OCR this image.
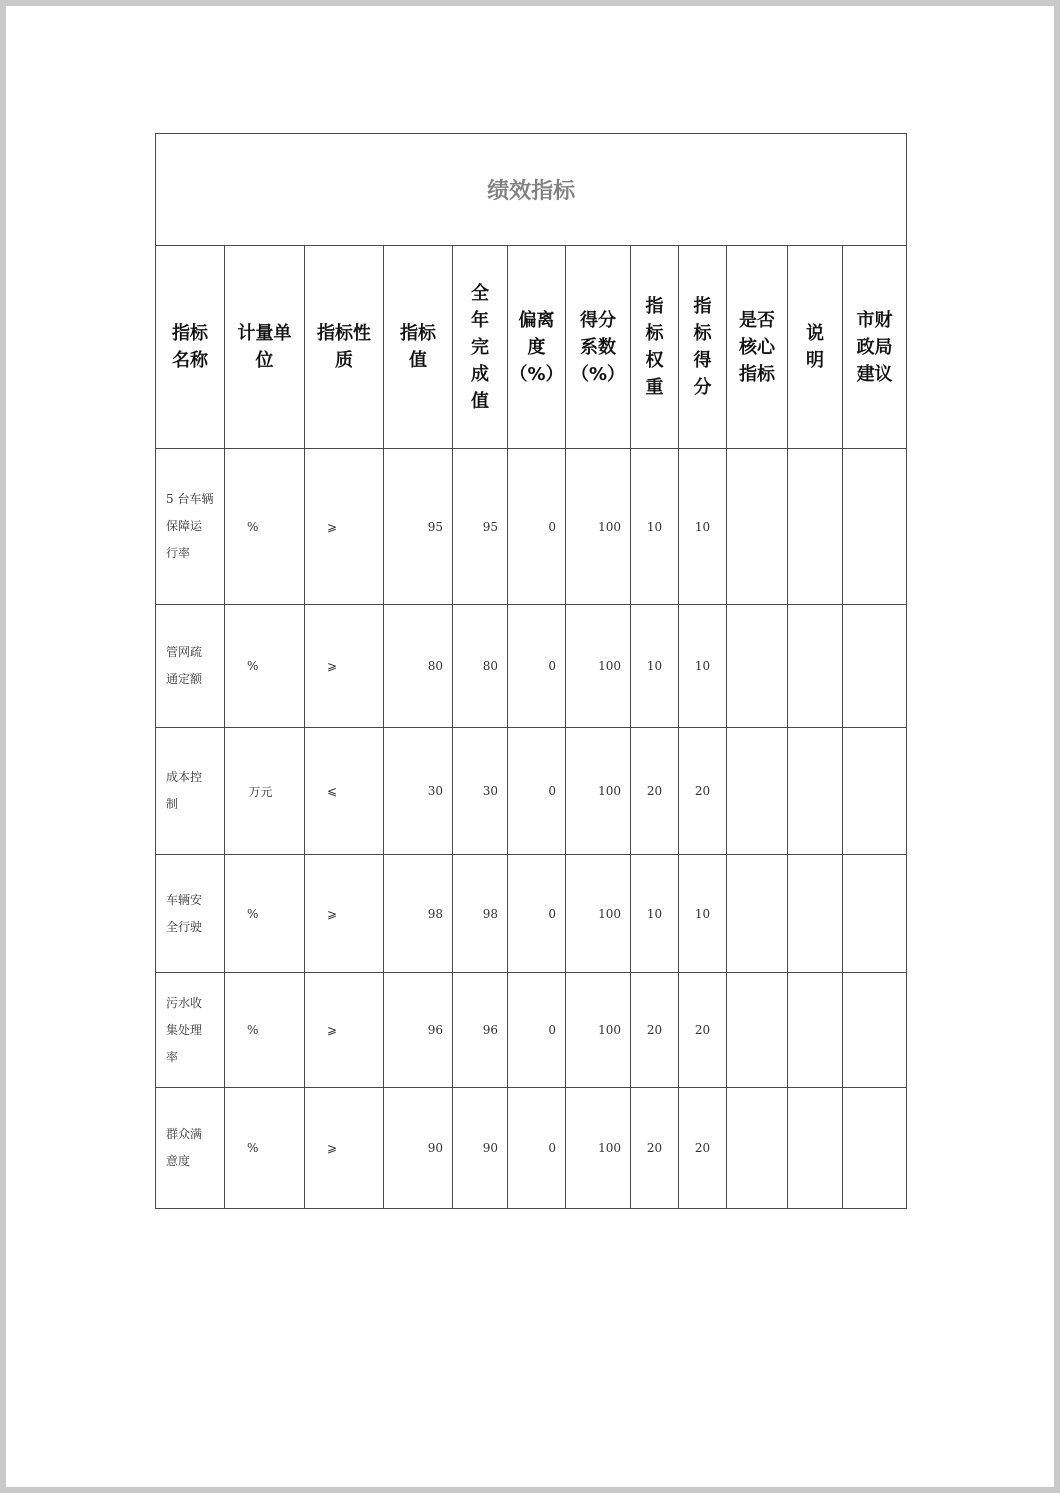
绩效指标											

指标
名称	计量单
位	指标性
质	指标
值	全
年
完
成
值	偏离
度
（%）	得分
系数
（%）	指
标
权
重	指
标
得
分	是否
核心
指标	说
明	市财
政局
建议

5 台车辆
保障运
行率	%	⩾	95	95	0	100	10	10			

管网疏
通定额	%	⩾	80	80	0	100	10	10			

成本控
制	万元	⩽	30	30	0	100	20	20			

车辆安
全行驶	%	⩾	98	98	0	100	10	10			

污水收
集处理
率	%	⩾	96	96	0	100	20	20			

群众满
意度	%	⩾	90	90	0	100	20	20			
